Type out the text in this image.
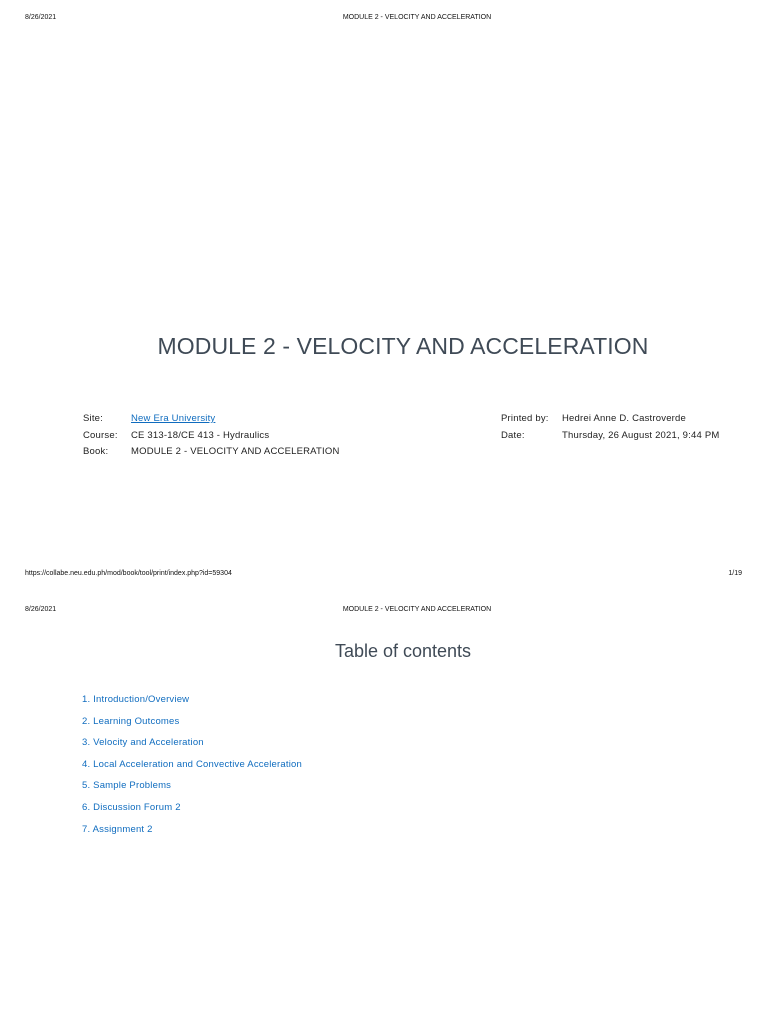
8/26/2021	MODULE 2 - VELOCITY AND ACCELERATION
MODULE 2 - VELOCITY AND ACCELERATION
Site:	New Era University
Course: CE 313-18/CE 413 - Hydraulics
Book: MODULE 2 - VELOCITY AND ACCELERATION
Printed by: Hedrei Anne D. Castroverde
Date:	Thursday, 26 August 2021, 9:44 PM
https://collabe.neu.edu.ph/mod/book/tool/print/index.php?id=59304	1/19
8/26/2021	MODULE 2 - VELOCITY AND ACCELERATION
Table of contents
1. Introduction/Overview
2. Learning Outcomes
3. Velocity and Acceleration
4. Local Acceleration and Convective Acceleration
5. Sample Problems
6. Discussion Forum 2
7. Assignment 2
